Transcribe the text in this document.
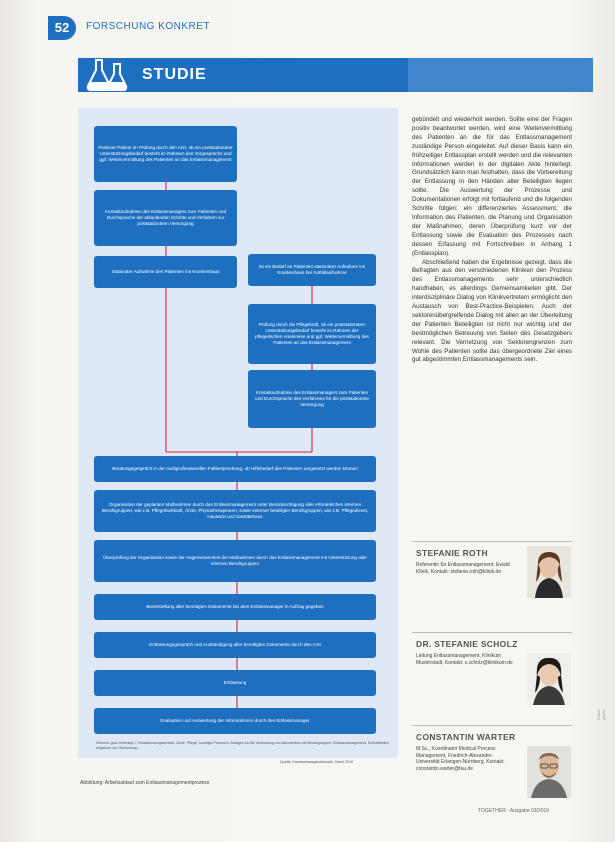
52	FORSCHUNG KONKRET
STUDIE
Positiver Patient im Prüfung durch den Arzt, ob ein poststationärer Unterstützungsbedarf besteht im Rahmen des Vorgesprächs und ggf. Weitervermittlung des Patienten an das Entlassmanagement
Kontaktaufnahme des Entlassmanagers zum Patienten und Durchsprache der ablaufenden Schritte und Verfahren zur poststationären Versorgung
Stationäre Aufnahme des Patienten ins Krankenhaus
Ist ein Bedarf an Patienten stationärer Aufnahme ins Krankenhaus bei Notfallaufnahme
Prüfung durch die Pflegekraft, ob ein poststationärer Unterstützungsbedarf besteht im Rahmen der pflegerischen Anamnese und ggf. Weitervermittlung des Patienten an das Entlassmanagement
Kontaktaufnahme des Entlassmanagers zum Patienten und Durchsprache des Verfahrens für die poststationäre Versorgung
Beratungsgespräch in der multiprofessionellen Fallbesprechung, ob Hilfebedarf des Patienten umgesetzt werden können
Organisation der geplanten Maßnahmen durch das Entlassmanagement unter Berücksichtigung aller erforderlichen internen Berufsgruppen, wie z.B. Pflegefachkraft, Ärzte, Physiotherapeuten, sowie externer beteiligter Berufsgruppen, wie z.B. Pflegedienst, Hausarzt und Sanitätshaus
Überprüfung der Organisation sowie der Angemessenheit der Maßnahmen durch das Entlassmanagement mit Unterstützung aller internen Berufsgruppen
Bereitstellung aller benötigten Dokumente bei dem Entlassmanager in Auftrag gegeben
Entlassungsgespräch und Aushändigung aller benötigten Dokumente durch den Arzt
Entlassung
Evaluation und Auswertung der Informationen durch den Entlassmanager
Hinweis: grau hinterlegt = Verantwortungsbereich: Ärzte, Pflege, sonstige Personen, Anlagen für die Verbindung von Netzwerken mit Berufsgruppen. Entlassmanagement, Schnittstellen, Angebote zur Überleitung...
Quelle: Krankenhausgesellschaft, Stand 2018
Abbildung: Arbeitsablauf zum Entlassmanagementprozess

gebündelt und wiederholt werden. Sollte eine der Fragen positiv beantwortet werden, wird eine Weitervermittlung des Patienten an die für das Entlassmanagement zuständige Person eingeleitet. Auf dieser Basis kann ein frühzeitiger Entlassplan erstellt werden und die relevanten Informationen werden in der digitalen Akte hinterlegt. Grundsätzlich kann man festhalten, dass die Vorbereitung der Entlassung in den Händen aller Beteiligten liegen sollte. Die Auswertung der Prozesse und Dokumentationen erfolgt mit fortlaufend und die folgenden Schritte folgen: ein differenziertes Assessment, die Information des Patienten, die Planung und Organisation der Maßnahmen, deren Überprüfung kurz vor der Entlassung sowie die Evaluation des Prozesses nach dessen Erfassung mit Fortschreiben in Anhang 1 (Entlassplan).

Abschließend haben die Ergebnisse gezeigt, dass die Befragten aus den verschiedenen Kliniken den Prozess des Entlassmanagements sehr unterschiedlich handhaben, es allerdings Gemeinsamkeiten gibt. Der interdisziplinäre Dialog von Klinikvertretern ermöglicht den Austausch von Best-Practice-Beispielen. Auch der sektorenübergreifende Dialog mit allen an der Überleitung der Patienten Beteiligten ist nicht nur wichtig und der bestmöglichen Betreuung von Seiten des Gesetzgebers relevant. Die Vernetzung von Sektorengrenzen zum Wohle des Patienten sollte das übergeordnete Ziel eines gut abgestimmten Entlassmanagements sein.

STEFANIE ROTH
Referentin für Entlassmanagement, Ewald Klinik, Kontakt: stefanie.roth@klinik.de
DR. STEFANIE SCHOLZ
Leitung Entlassmanagement, Klinikum Musterstadt, Kontakt: s.scholz@klinikum.de
CONSTANTIN WARTER
M.Sc., Koordinator Medical Process Management, Friedrich-Alexander-Universität Erlangen-Nürnberg, Kontakt: constantin.warter@fau.de
Fotos: privat
TOGETHER · Ausgabe 03/2019
